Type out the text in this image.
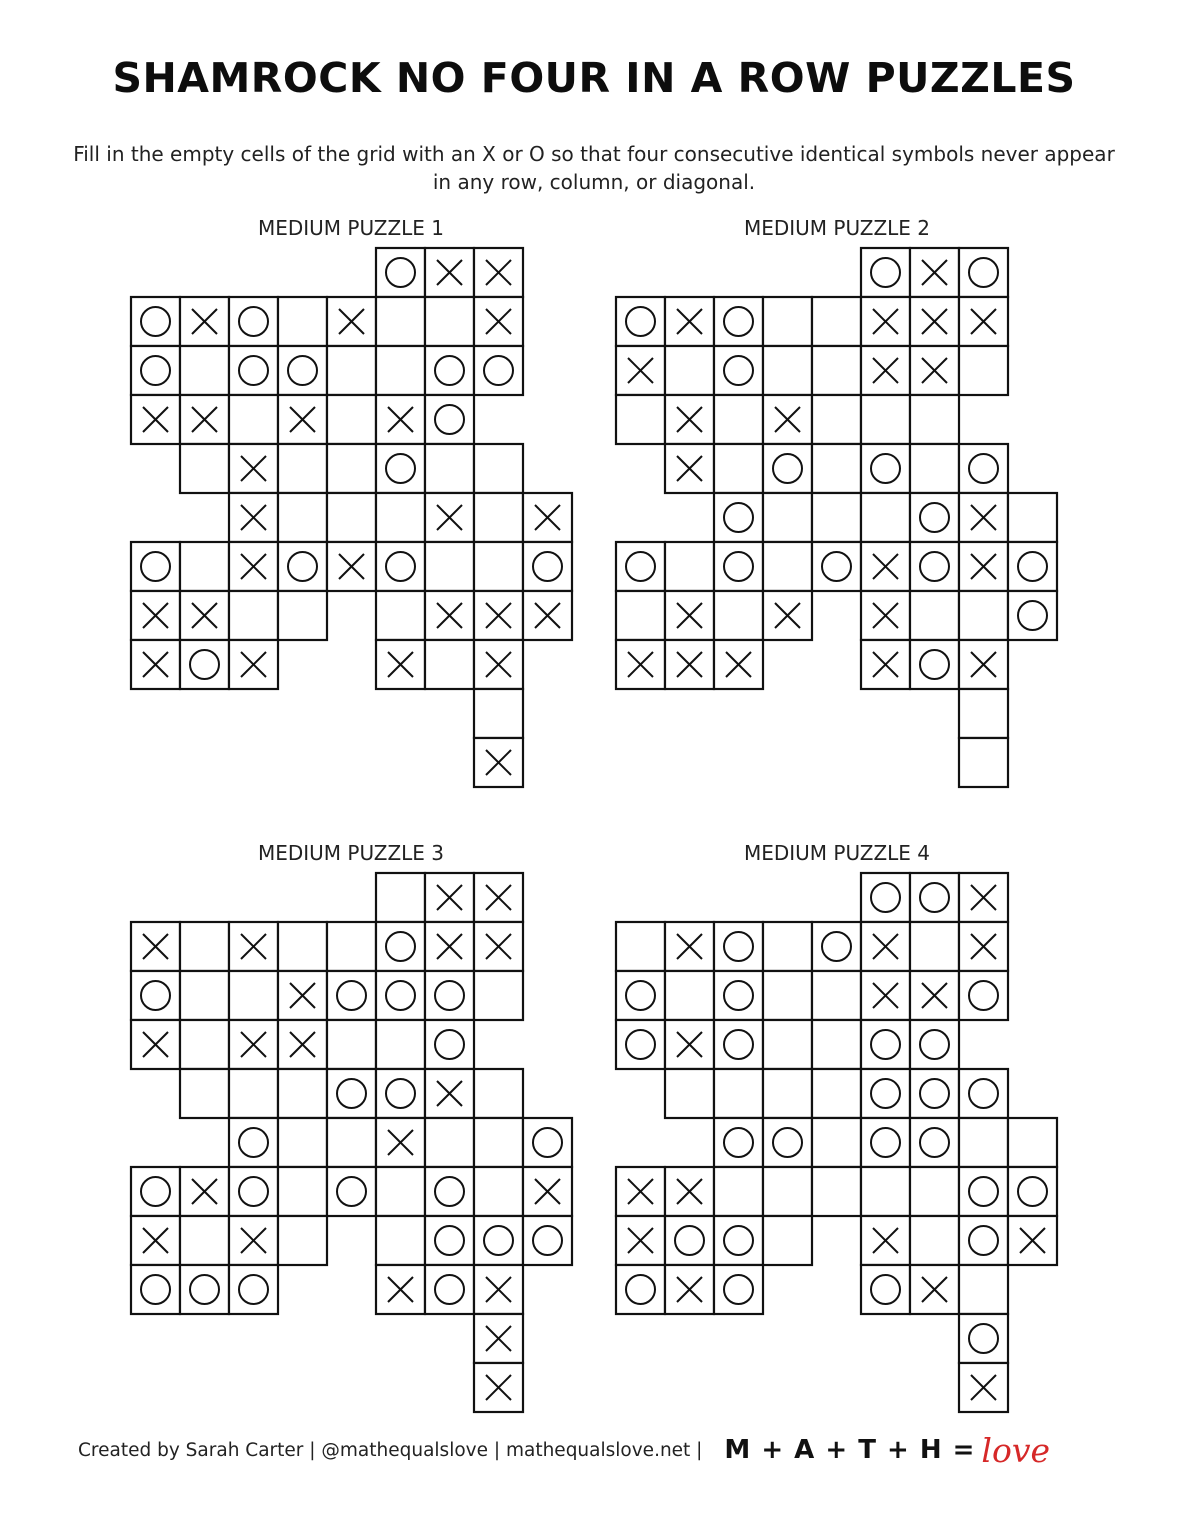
SHAMROCK NO FOUR IN A ROW PUZZLES
Fill in the empty cells of the grid with an X or O so that four consecutive identical symbols never appear in any row, column, or diagonal.
MEDIUM PUZZLE 1	MEDIUM PUZZLE 2
MEDIUM PUZZLE 3	MEDIUM PUZZLE 4
Created by Sarah Carter | @mathequalslove | mathequalslove.net | M + A + T + H = love
